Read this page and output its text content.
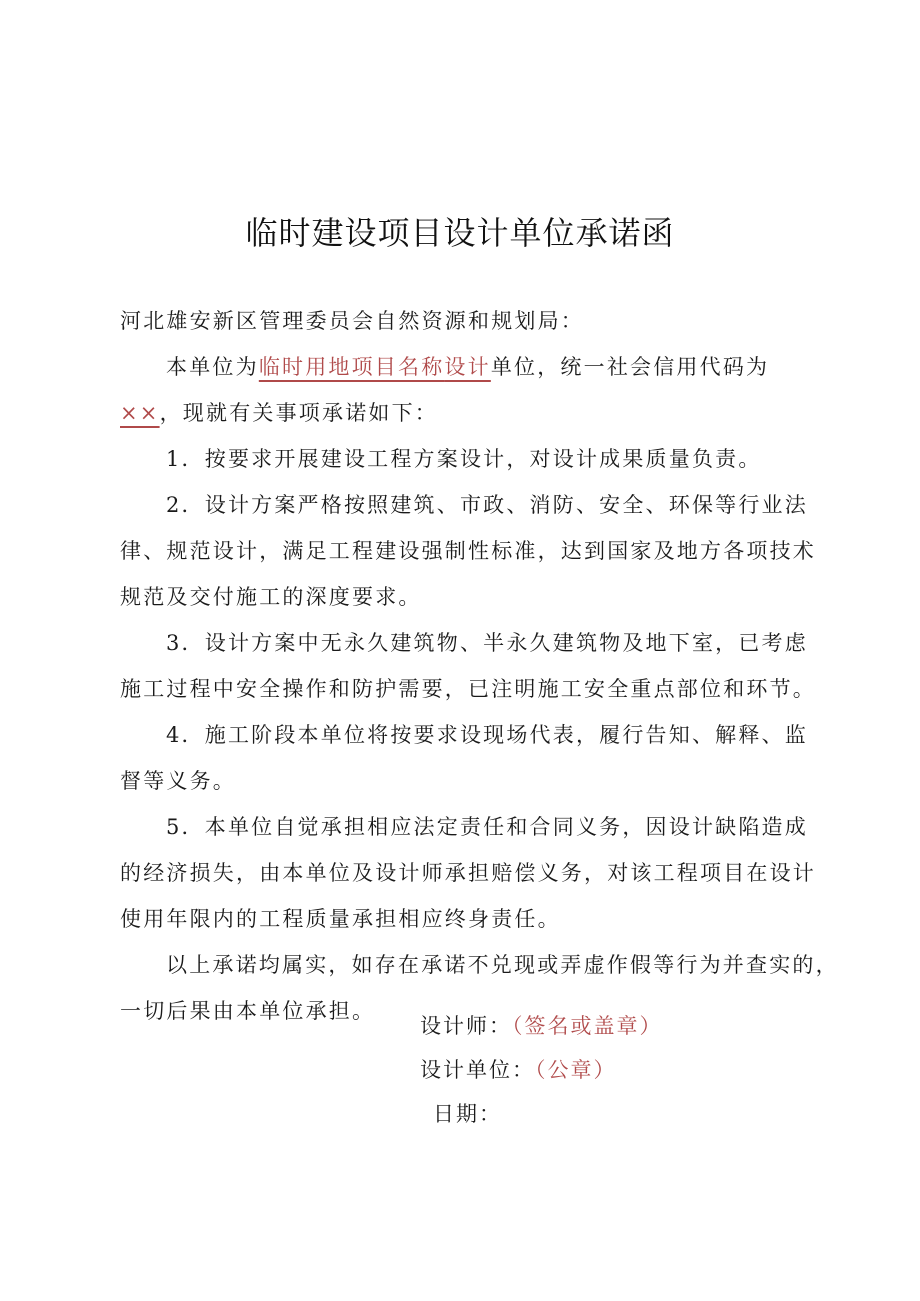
临时建设项目设计单位承诺函
河北雄安新区管理委员会自然资源和规划局：
本单位为临时用地项目名称设计单位，统一社会信用代码为
××，现就有关事项承诺如下：
1．按要求开展建设工程方案设计，对设计成果质量负责。
2．设计方案严格按照建筑、市政、消防、安全、环保等行业法
律、规范设计，满足工程建设强制性标准，达到国家及地方各项技术
规范及交付施工的深度要求。
3．设计方案中无永久建筑物、半永久建筑物及地下室，已考虑
施工过程中安全操作和防护需要，已注明施工安全重点部位和环节。
4．施工阶段本单位将按要求设现场代表，履行告知、解释、监
督等义务。
5．本单位自觉承担相应法定责任和合同义务，因设计缺陷造成
的经济损失，由本单位及设计师承担赔偿义务，对该工程项目在设计
使用年限内的工程质量承担相应终身责任。
以上承诺均属实，如存在承诺不兑现或弄虚作假等行为并查实的，
一切后果由本单位承担。
设计师：（签名或盖章）
设计单位：（公章）
日期：
